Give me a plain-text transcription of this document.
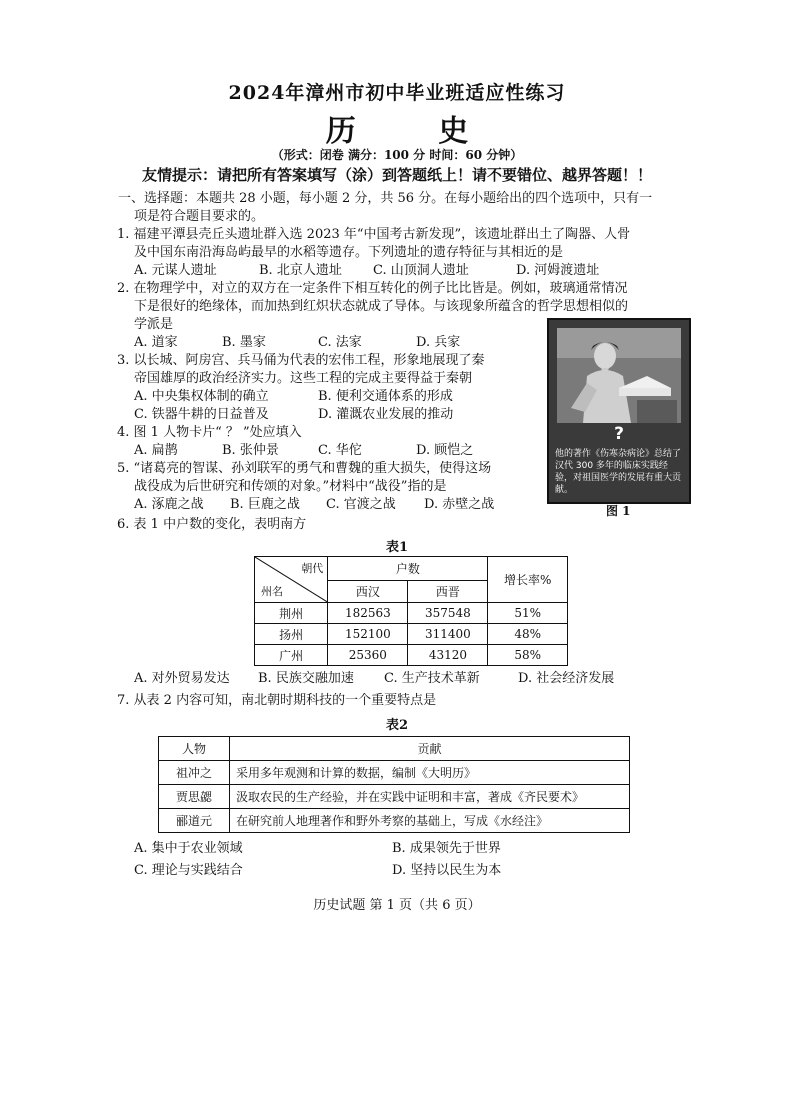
2024年漳州市初中毕业班适应性练习
历 史
（形式：闭卷 满分：100 分 时间：60 分钟）
友情提示：请把所有答案填写（涂）到答题纸上！请不要错位、越界答题！！
一、选择题：本题共 28 小题，每小题 2 分，共 56 分。在每小题给出的四个选项中，只有一
项是符合题目要求的。
1. 福建平潭县壳丘头遗址群入选 2023 年“中国考古新发现”，该遗址群出土了陶器、人骨
及中国东南沿海岛屿最早的水稻等遗存。下列遗址的遗存特征与其相近的是
A. 元谋人遗址	B. 北京人遗址 C. 山顶洞人遗址	D. 河姆渡遗址
2. 在物理学中，对立的双方在一定条件下相互转化的例子比比皆是。例如，玻璃通常情况
下是很好的绝缘体，而加热到红炽状态就成了导体。与该现象所蕴含的哲学思想相似的
学派是
A. 道家	B. 墨家	C. 法家	D. 兵家
3. 以长城、阿房宫、兵马俑为代表的宏伟工程，形象地展现了秦
帝国雄厚的政治经济实力。这些工程的完成主要得益于秦朝
A. 中央集权体制的确立	B. 便利交通体系的形成
C. 铁器牛耕的日益普及	D. 灌溉农业发展的推动
4. 图 1 人物卡片“ ？ ”处应填入
A. 扁鹊	B. 张仲景	C. 华佗	D. 顾恺之
5. “诸葛亮的智谋、孙刘联军的勇气和曹魏的重大损失，使得这场
战役成为后世研究和传颂的对象。”材料中“战役”指的是
A. 涿鹿之战 B. 巨鹿之战 C. 官渡之战 D. 赤壁之战
?
他的著作《伤寒杂病论》总结了汉代 300 多年的临床实践经验，对祖国医学的发展有重大贡献。
图 1
6. 表 1 中户数的变化，表明南方
表1
朝代
州名	户数		增长率%
	西汉	西晋	
荆州	182563	357548	51%
扬州	152100	311400	48%
广州	25360	43120	58%
A. 对外贸易发达 B. 民族交融加速 C. 生产技术革新	D. 社会经济发展
7. 从表 2 内容可知，南北朝时期科技的一个重要特点是
表2
人物	贡献
祖冲之	采用多年观测和计算的数据，编制《大明历》
贾思勰	汲取农民的生产经验，并在实践中证明和丰富，著成《齐民要术》
郦道元	在研究前人地理著作和野外考察的基础上，写成《水经注》
A. 集中于农业领域	B. 成果领先于世界
C. 理论与实践结合	D. 坚持以民生为本
历史试题 第 1 页（共 6 页）
